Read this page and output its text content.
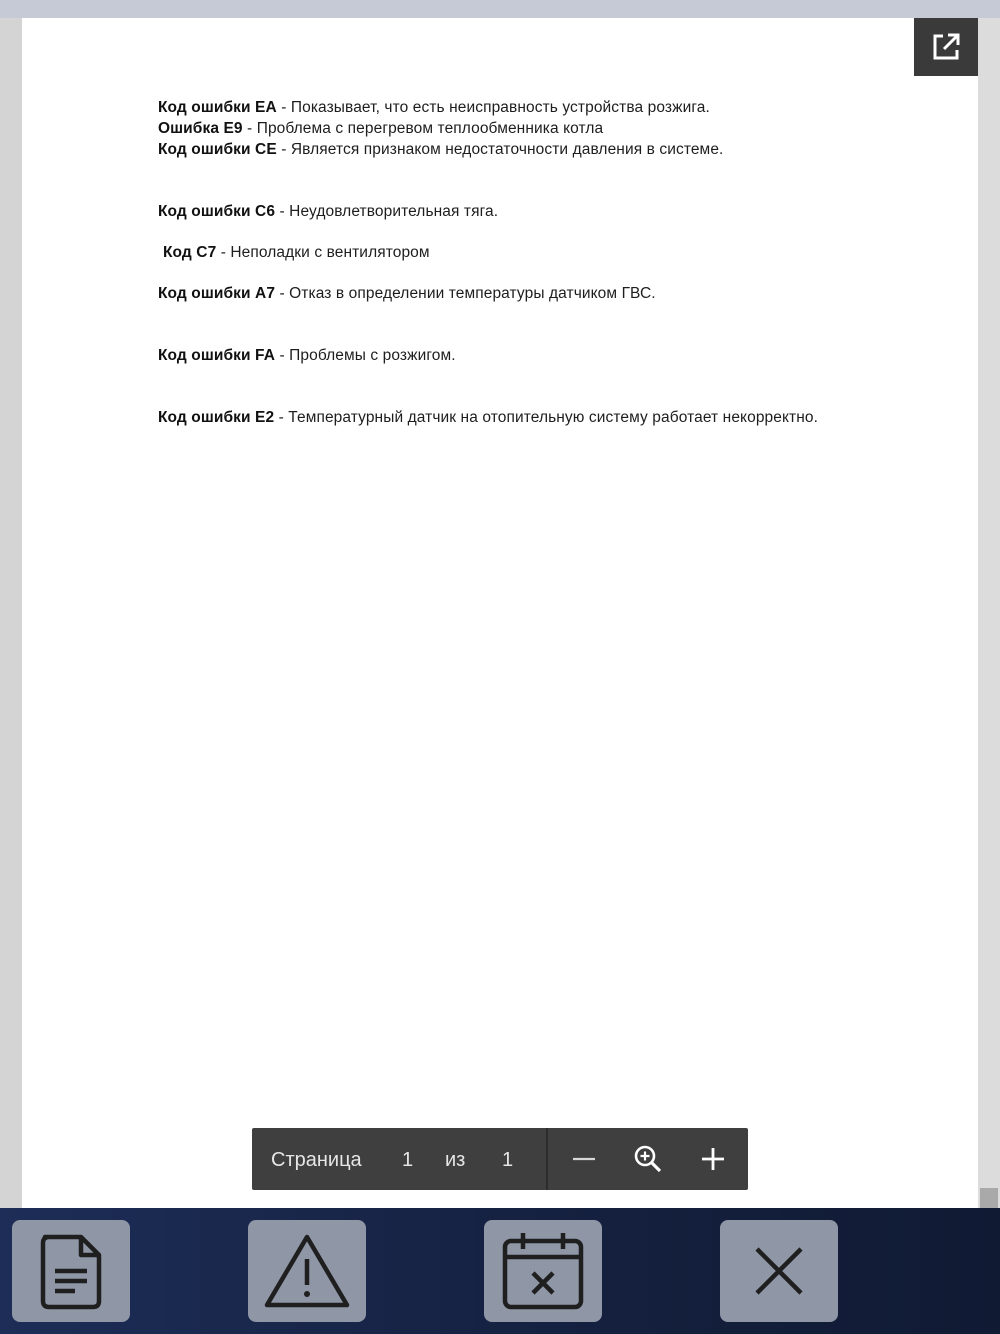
Код ошибки EA - Показывает, что есть неисправность устройства розжига.
Ошибка E9 - Проблема с перегревом теплообменника котла
Код ошибки CE - Является признаком недостаточности давления в системе.
Код ошибки C6 - Неудовлетворительная тяга.
Код C7 - Неполадки с вентилятором
Код ошибки A7 - Отказ в определении температуры датчиком ГВС.
Код ошибки FA - Проблемы с розжигом.
Код ошибки E2 - Температурный датчик на отопительную систему работает некорректно.
Страница 1 из 1
